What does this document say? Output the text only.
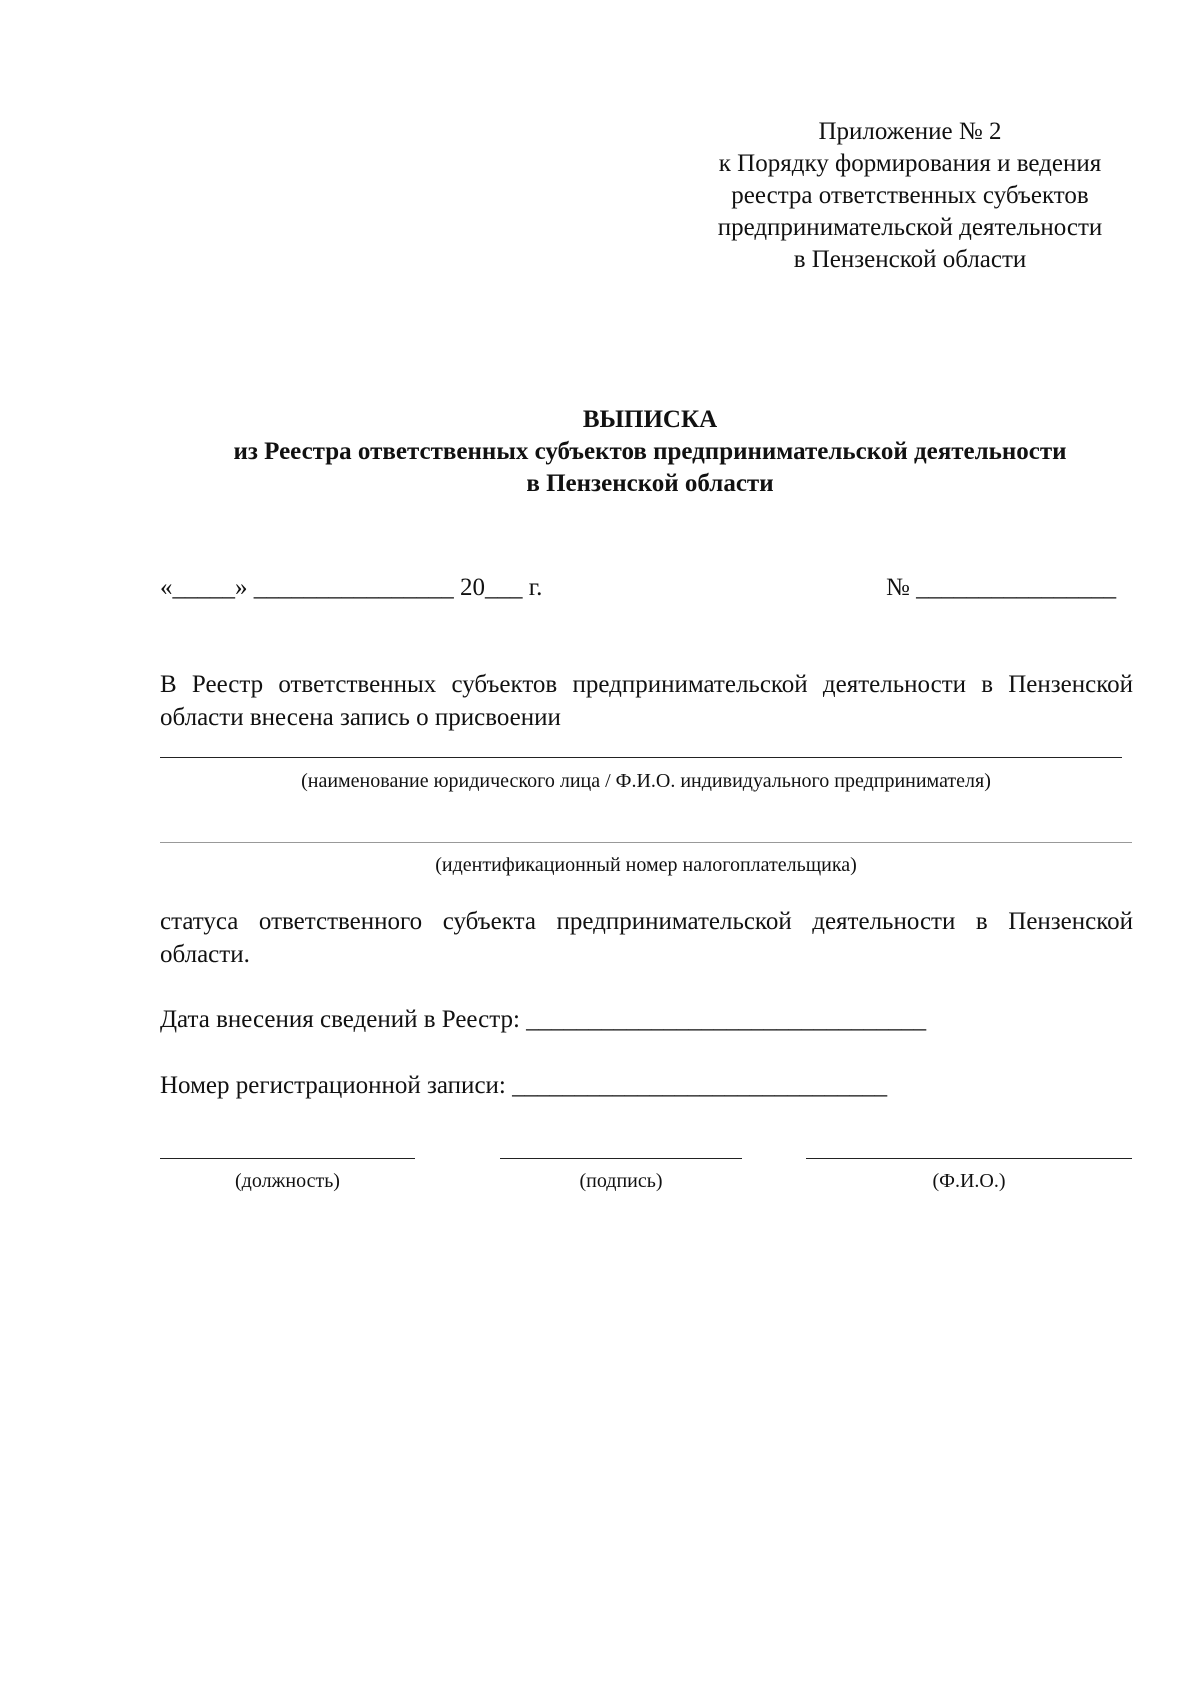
Приложение № 2
к Порядку формирования и ведения
реестра ответственных субъектов
предпринимательской деятельности
в Пензенской области
ВЫПИСКА
из Реестра ответственных субъектов предпринимательской деятельности
в Пензенской области
«_____» ________________ 20___ г.	№ ________________
В Реестр ответственных субъектов предпринимательской деятельности в Пензенской области внесена запись о присвоении
(наименование юридического лица / Ф.И.О. индивидуального предпринимателя)
(идентификационный номер налогоплательщика)
статуса ответственного субъекта предпринимательской деятельности в Пензенской области.
Дата внесения сведений в Реестр: ________________________________
Номер регистрационной записи: ______________________________
(должность)	(подпись)	(Ф.И.О.)
